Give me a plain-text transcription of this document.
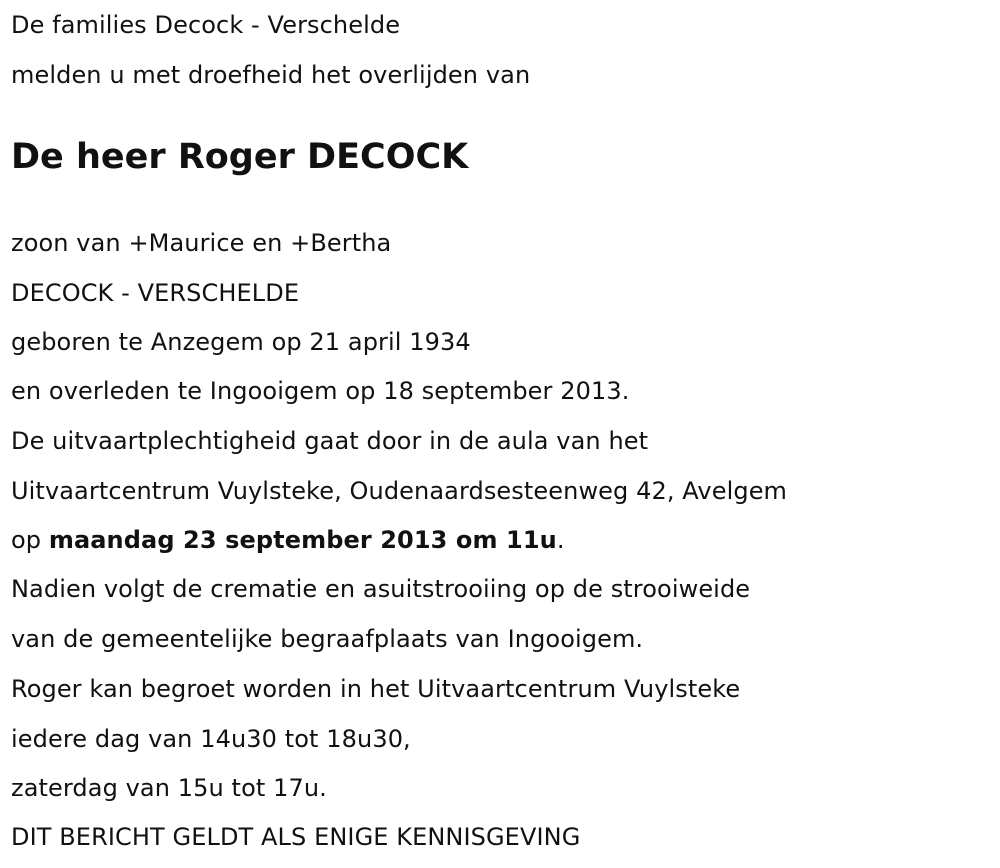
De families Decock - Verschelde
melden u met droefheid het overlijden van
De heer Roger DECOCK
zoon van +Maurice en +Bertha
DECOCK - VERSCHELDE
geboren te Anzegem op 21 april 1934
en overleden te Ingooigem op 18 september 2013.
De uitvaartplechtigheid gaat door in de aula van het
Uitvaartcentrum Vuylsteke, Oudenaardsesteenweg 42, Avelgem
op maandag 23 september 2013 om 11u.
Nadien volgt de crematie en asuitstrooiing op de strooiweide
van de gemeentelijke begraafplaats van Ingooigem.
Roger kan begroet worden in het Uitvaartcentrum Vuylsteke
iedere dag van 14u30 tot 18u30,
zaterdag van 15u tot 17u.
DIT BERICHT GELDT ALS ENIGE KENNISGEVING
